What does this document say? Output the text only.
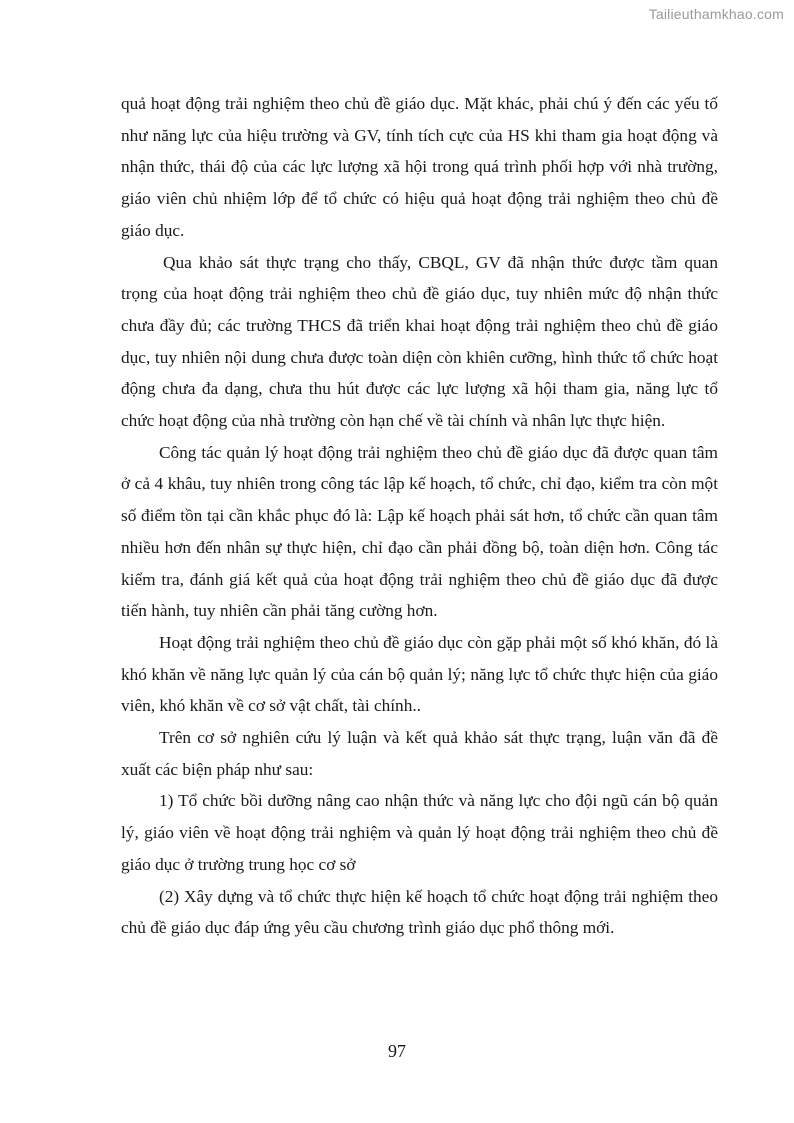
Tailieuthamkhao.com

quả hoạt động trải nghiệm theo chủ đề giáo dục. Mặt khác, phải chú ý đến các yếu tố như năng lực của hiệu trường và GV, tính tích cực của HS khi tham gia hoạt động và nhận thức, thái độ của các lực lượng xã hội trong quá trình phối hợp với nhà trường, giáo viên chủ nhiệm lớp để tổ chức có hiệu quả hoạt động trải nghiệm theo chủ đề giáo dục.

Qua khảo sát thực trạng cho thấy, CBQL, GV đã nhận thức được tầm quan trọng của hoạt động trải nghiệm theo chủ đề giáo dục, tuy nhiên mức độ nhận thức chưa đầy đủ; các trường THCS đã triển khai hoạt động trải nghiệm theo chủ đề giáo dục, tuy nhiên nội dung chưa được toàn diện còn khiên cưỡng, hình thức tổ chức hoạt động chưa đa dạng, chưa thu hút được các lực lượng xã hội tham gia, năng lực tổ chức hoạt động của nhà trường còn hạn chế về tài chính và nhân lực thực hiện.

Công tác quản lý hoạt động trải nghiệm theo chủ đề giáo dục đã được quan tâm ở cả 4 khâu, tuy nhiên trong công tác lập kế hoạch, tổ chức, chỉ đạo, kiểm tra còn một số điểm tồn tại cần khắc phục đó là: Lập kế hoạch phải sát hơn, tổ chức cần quan tâm nhiều hơn đến nhân sự thực hiện, chỉ đạo cần phải đồng bộ, toàn diện hơn. Công tác kiểm tra, đánh giá kết quả của hoạt động trải nghiệm theo chủ đề giáo dục đã được tiến hành, tuy nhiên cần phải tăng cường hơn.

Hoạt động trải nghiệm theo chủ đề giáo dục còn gặp phải một số khó khăn, đó là khó khăn về năng lực quản lý của cán bộ quản lý; năng lực tổ chức thực hiện của giáo viên, khó khăn về cơ sở vật chất, tài chính..

Trên cơ sở nghiên cứu lý luận và kết quả khảo sát thực trạng, luận văn đã đề xuất các biện pháp như sau:

1) Tổ chức bồi dưỡng nâng cao nhận thức và năng lực cho đội ngũ cán bộ quản lý, giáo viên về hoạt động trải nghiệm và quản lý hoạt động trải nghiệm theo chủ đề giáo dục ở trường trung học cơ sở

(2) Xây dựng và tổ chức thực hiện kế hoạch tổ chức hoạt động trải nghiệm theo chủ đề giáo dục đáp ứng yêu cầu chương trình giáo dục phổ thông mới.

97
